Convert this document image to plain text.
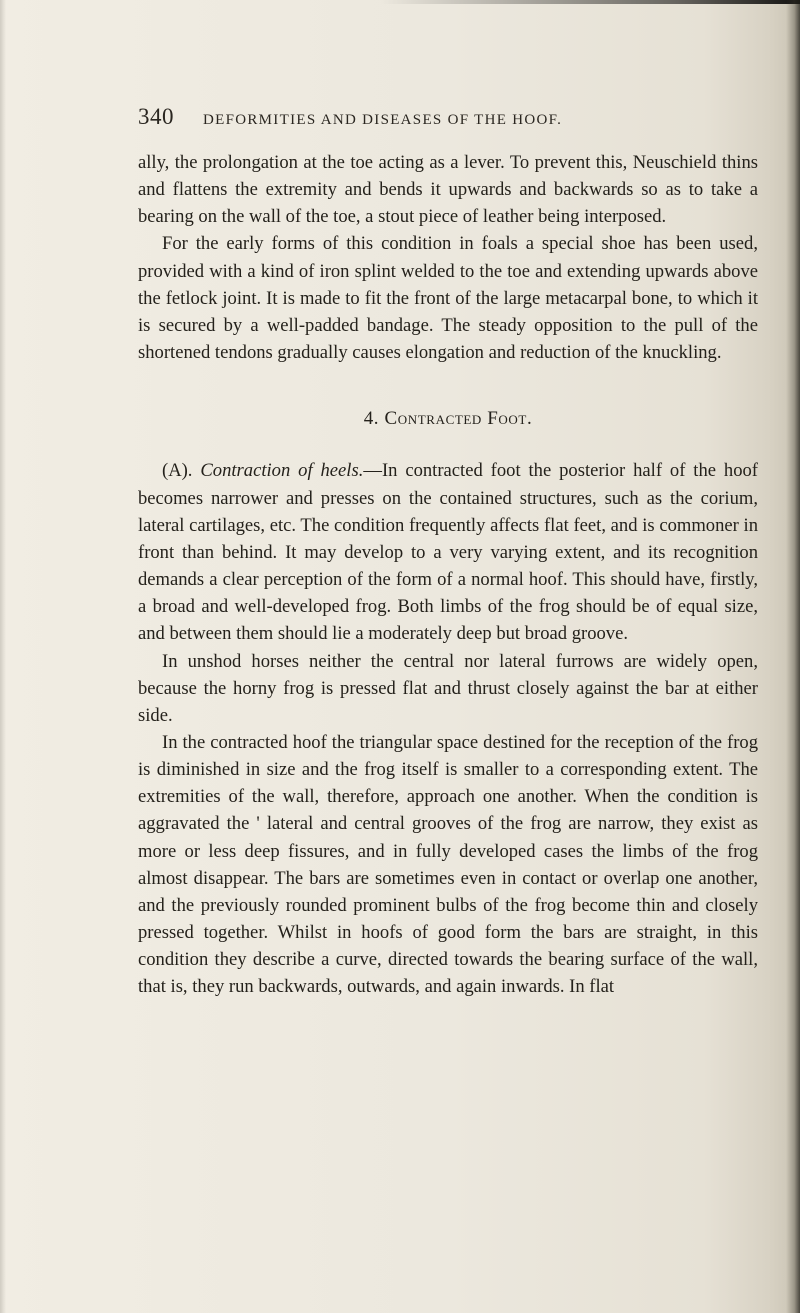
340 DEFORMITIES AND DISEASES OF THE HOOF.

ally, the prolongation at the toe acting as a lever. To prevent this, Neuschield thins and flattens the extremity and bends it upwards and backwards so as to take a bearing on the wall of the toe, a stout piece of leather being interposed.

For the early forms of this condition in foals a special shoe has been used, provided with a kind of iron splint welded to the toe and extending upwards above the fetlock joint. It is made to fit the front of the large metacarpal bone, to which it is secured by a well-padded bandage. The steady opposition to the pull of the shortened tendons gradually causes elongation and reduction of the knuckling.

4. Contracted Foot.

(A). Contraction of heels.—In contracted foot the posterior half of the hoof becomes narrower and presses on the contained structures, such as the corium, lateral cartilages, etc. The condition frequently affects flat feet, and is commoner in front than behind. It may develop to a very varying extent, and its recognition demands a clear perception of the form of a normal hoof. This should have, firstly, a broad and well-developed frog. Both limbs of the frog should be of equal size, and between them should lie a moderately deep but broad groove.

In unshod horses neither the central nor lateral furrows are widely open, because the horny frog is pressed flat and thrust closely against the bar at either side.

In the contracted hoof the triangular space destined for the reception of the frog is diminished in size and the frog itself is smaller to a corresponding extent. The extremities of the wall, therefore, approach one another. When the condition is aggravated the ' lateral and central grooves of the frog are narrow, they exist as more or less deep fissures, and in fully developed cases the limbs of the frog almost disappear. The bars are sometimes even in contact or overlap one another, and the previously rounded prominent bulbs of the frog become thin and closely pressed together. Whilst in hoofs of good form the bars are straight, in this condition they describe a curve, directed towards the bearing surface of the wall, that is, they run backwards, outwards, and again inwards. In flat
